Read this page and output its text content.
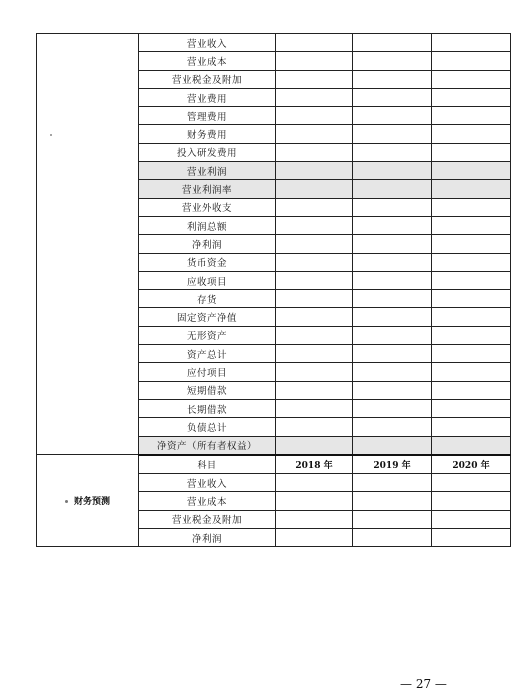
	营业收入			
	营业成本			
	营业税金及附加			
	营业费用			
	管理费用			
	财务费用			
	投入研发费用			
	营业利润			
	营业利润率			
	营业外收支			
	利润总额			
	净利润			
	货币资金			
	应收项目			
	存货			
	固定资产净值			
	无形资产			
	资产总计			
	应付项目			
	短期借款			
	长期借款			
	负债总计			
	净资产（所有者权益）			
财务预测	科目	2018 年	2019 年	2020 年
	营业收入			
	营业成本			
	营业税金及附加			
	净利润			
— 27 —
